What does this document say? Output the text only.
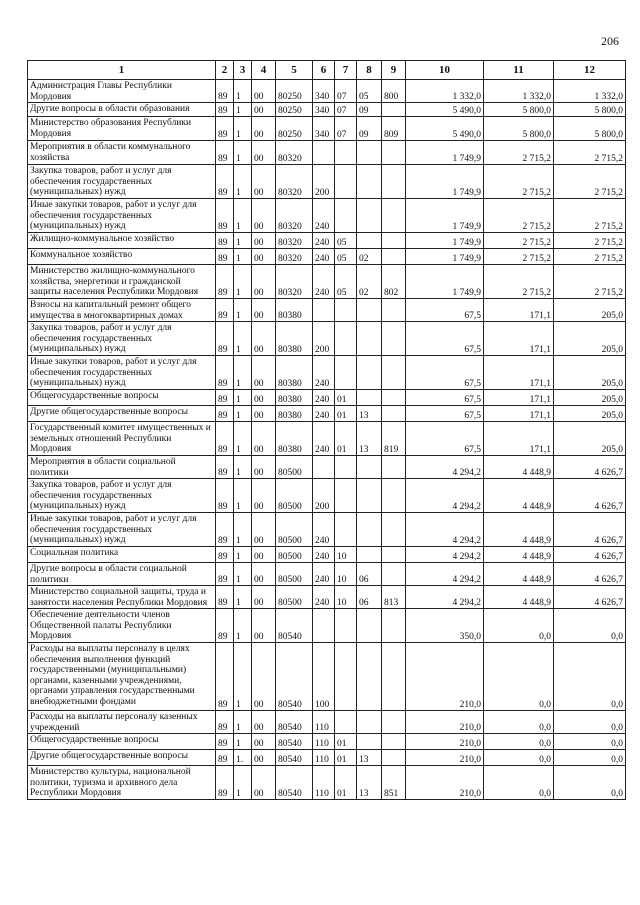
206
1	2	3	4	5	6	7	8	9	10	11	12
Администрация Главы Республики Мордовия	89	1	00	80250	340	07	05	800	1 332,0	1 332,0	1 332,0
Другие вопросы в области образования	89	1	00	80250	340	07	09		5 490,0	5 800,0	5 800,0
Министерство образования Республики Мордовия	89	1	00	80250	340	07	09	809	5 490,0	5 800,0	5 800,0
Мероприятия в области коммунального хозяйства	89	1	00	80320					1 749,9	2 715,2	2 715,2
Закупка товаров, работ и услуг для обеспечения государственных (муниципальных) нужд	89	1	00	80320	200				1 749,9	2 715,2	2 715,2
Иные закупки товаров, работ и услуг для обеспечения государственных (муниципальных) нужд	89	1	00	80320	240				1 749,9	2 715,2	2 715,2
Жилищно-коммунальное хозяйство	89	1	00	80320	240	05			1 749,9	2 715,2	2 715,2
Коммунальное хозяйство	89	1	00	80320	240	05	02		1 749,9	2 715,2	2 715,2
Министерство жилищно-коммунального хозяйства, энергетики и гражданской защиты населения Республики Мордовия	89	1	00	80320	240	05	02	802	1 749,9	2 715,2	2 715,2
Взносы на капитальный ремонт общего имущества в многоквартирных домах	89	1	00	80380					67,5	171,1	205,0
Закупка товаров, работ и услуг для обеспечения государственных (муниципальных) нужд	89	1	00	80380	200				67,5	171,1	205,0
Иные закупки товаров, работ и услуг для обеспечения государственных (муниципальных) нужд	89	1	00	80380	240				67,5	171,1	205,0
Общегосударственные вопросы	89	1	00	80380	240	01			67,5	171,1	205,0
Другие общегосударственные вопросы	89	1	00	80380	240	01	13		67,5	171,1	205,0
Государственный комитет имущественных и земельных отношений Республики Мордовия	89	1	00	80380	240	01	13	819	67,5	171,1	205,0
Мероприятия в области социальной политики	89	1	00	80500					4 294,2	4 448,9	4 626,7
Закупка товаров, работ и услуг для обеспечения государственных (муниципальных) нужд	89	1	00	80500	200				4 294,2	4 448,9	4 626,7
Иные закупки товаров, работ и услуг для обеспечения государственных (муниципальных) нужд	89	1	00	80500	240				4 294,2	4 448,9	4 626,7
Социальная политика	89	1	00	80500	240	10			4 294,2	4 448,9	4 626,7
Другие вопросы в области социальной политики	89	1	00	80500	240	10	06		4 294,2	4 448,9	4 626,7
Министерство социальной защиты, труда и занятости населения Республики Мордовия	89	1	00	80500	240	10	06	813	4 294,2	4 448,9	4 626,7
Обеспечение деятельности членов Общественной палаты Республики Мордовия	89	1	00	80540					350,0	0,0	0,0
Расходы на выплаты персоналу в целях обеспечения выполнения функций государственными (муниципальными) органами, казенными учреждениями, органами управления государственными внебюджетными фондами	89	1	00	80540	100				210,0	0,0	0,0
Расходы на выплаты персоналу казенных учреждений	89	1	00	80540	110				210,0	0,0	0,0
Общегосударственные вопросы	89	1	00	80540	110	01			210,0	0,0	0,0
Другие общегосударственные вопросы	89	1.	00	80540	110	01	13		210,0	0,0	0,0
Министерство культуры, национальной политики, туризма и архивного дела Республики Мордовия	89	1	00	80540	110	01	13	851	210,0	0,0	0,0
